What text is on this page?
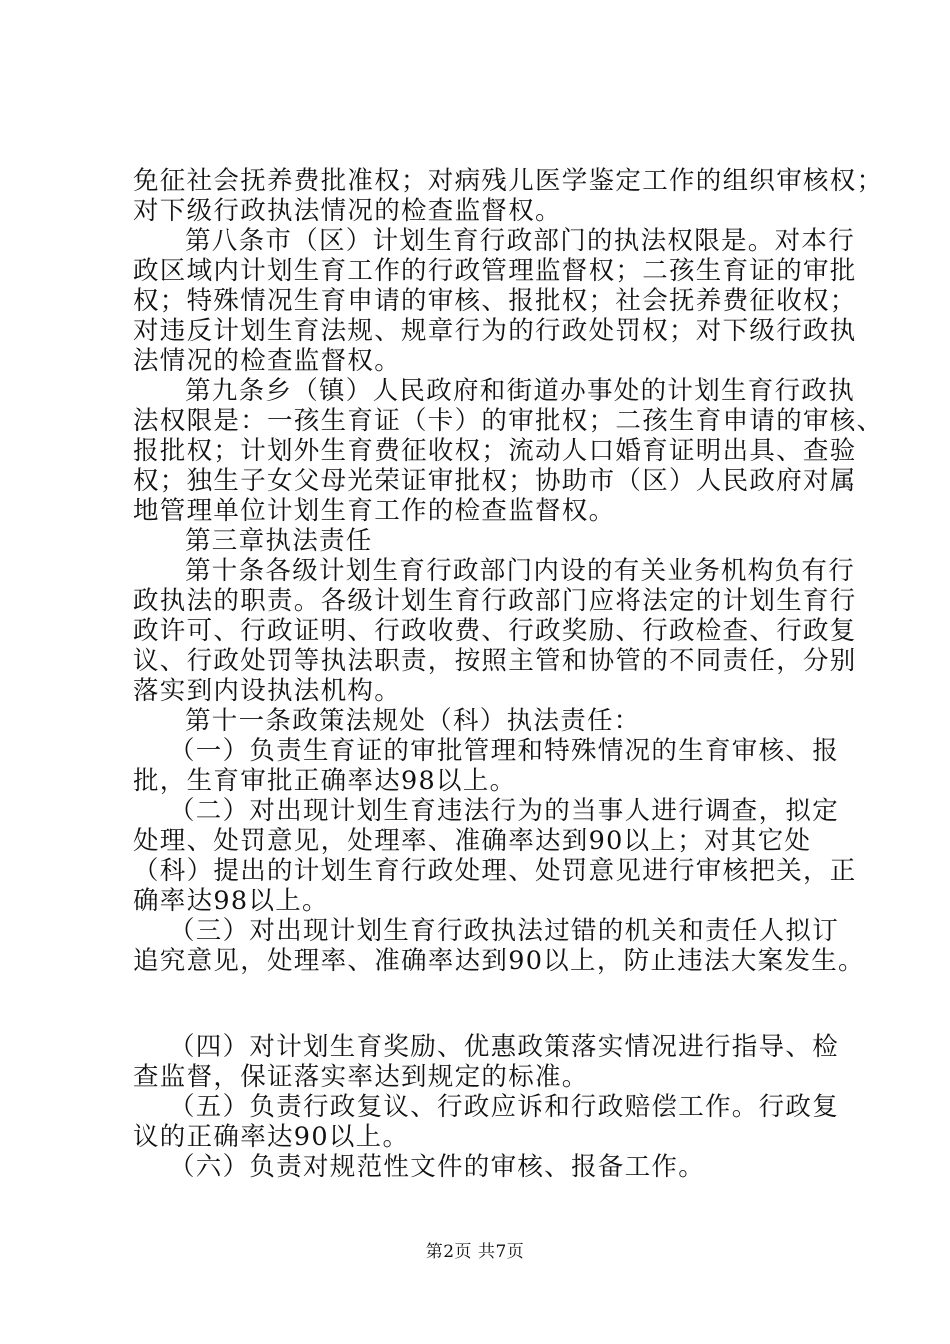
免征社会抚养费批准权；对病残儿医学鉴定工作的组织审核权；

对下级行政执法情况的检查监督权。

第八条市（区）计划生育行政部门的执法权限是。对本行

政区域内计划生育工作的行政管理监督权；二孩生育证的审批

权；特殊情况生育申请的审核、报批权；社会抚养费征收权；

对违反计划生育法规、规章行为的行政处罚权；对下级行政执

法情况的检查监督权。

第九条乡（镇）人民政府和街道办事处的计划生育行政执

法权限是：一孩生育证（卡）的审批权；二孩生育申请的审核、

报批权；计划外生育费征收权；流动人口婚育证明出具、查验

权；独生子女父母光荣证审批权；协助市（区）人民政府对属

地管理单位计划生育工作的检查监督权。

第三章执法责任

第十条各级计划生育行政部门内设的有关业务机构负有行

政执法的职责。各级计划生育行政部门应将法定的计划生育行

政许可、行政证明、行政收费、行政奖励、行政检查、行政复

议、行政处罚等执法职责，按照主管和协管的不同责任，分别

落实到内设执法机构。

第十一条政策法规处（科）执法责任：

（一）负责生育证的审批管理和特殊情况的生育审核、报

批，生育审批正确率达98以上。

（二）对出现计划生育违法行为的当事人进行调查，拟定

处理、处罚意见，处理率、准确率达到90以上；对其它处

（科）提出的计划生育行政处理、处罚意见进行审核把关，正

确率达98以上。

（三）对出现计划生育行政执法过错的机关和责任人拟订

追究意见，处理率、准确率达到90以上，防止违法大案发生。

（四）对计划生育奖励、优惠政策落实情况进行指导、检

查监督，保证落实率达到规定的标准。

（五）负责行政复议、行政应诉和行政赔偿工作。行政复

议的正确率达90以上。

（六）负责对规范性文件的审核、报备工作。

第2页 共7页
